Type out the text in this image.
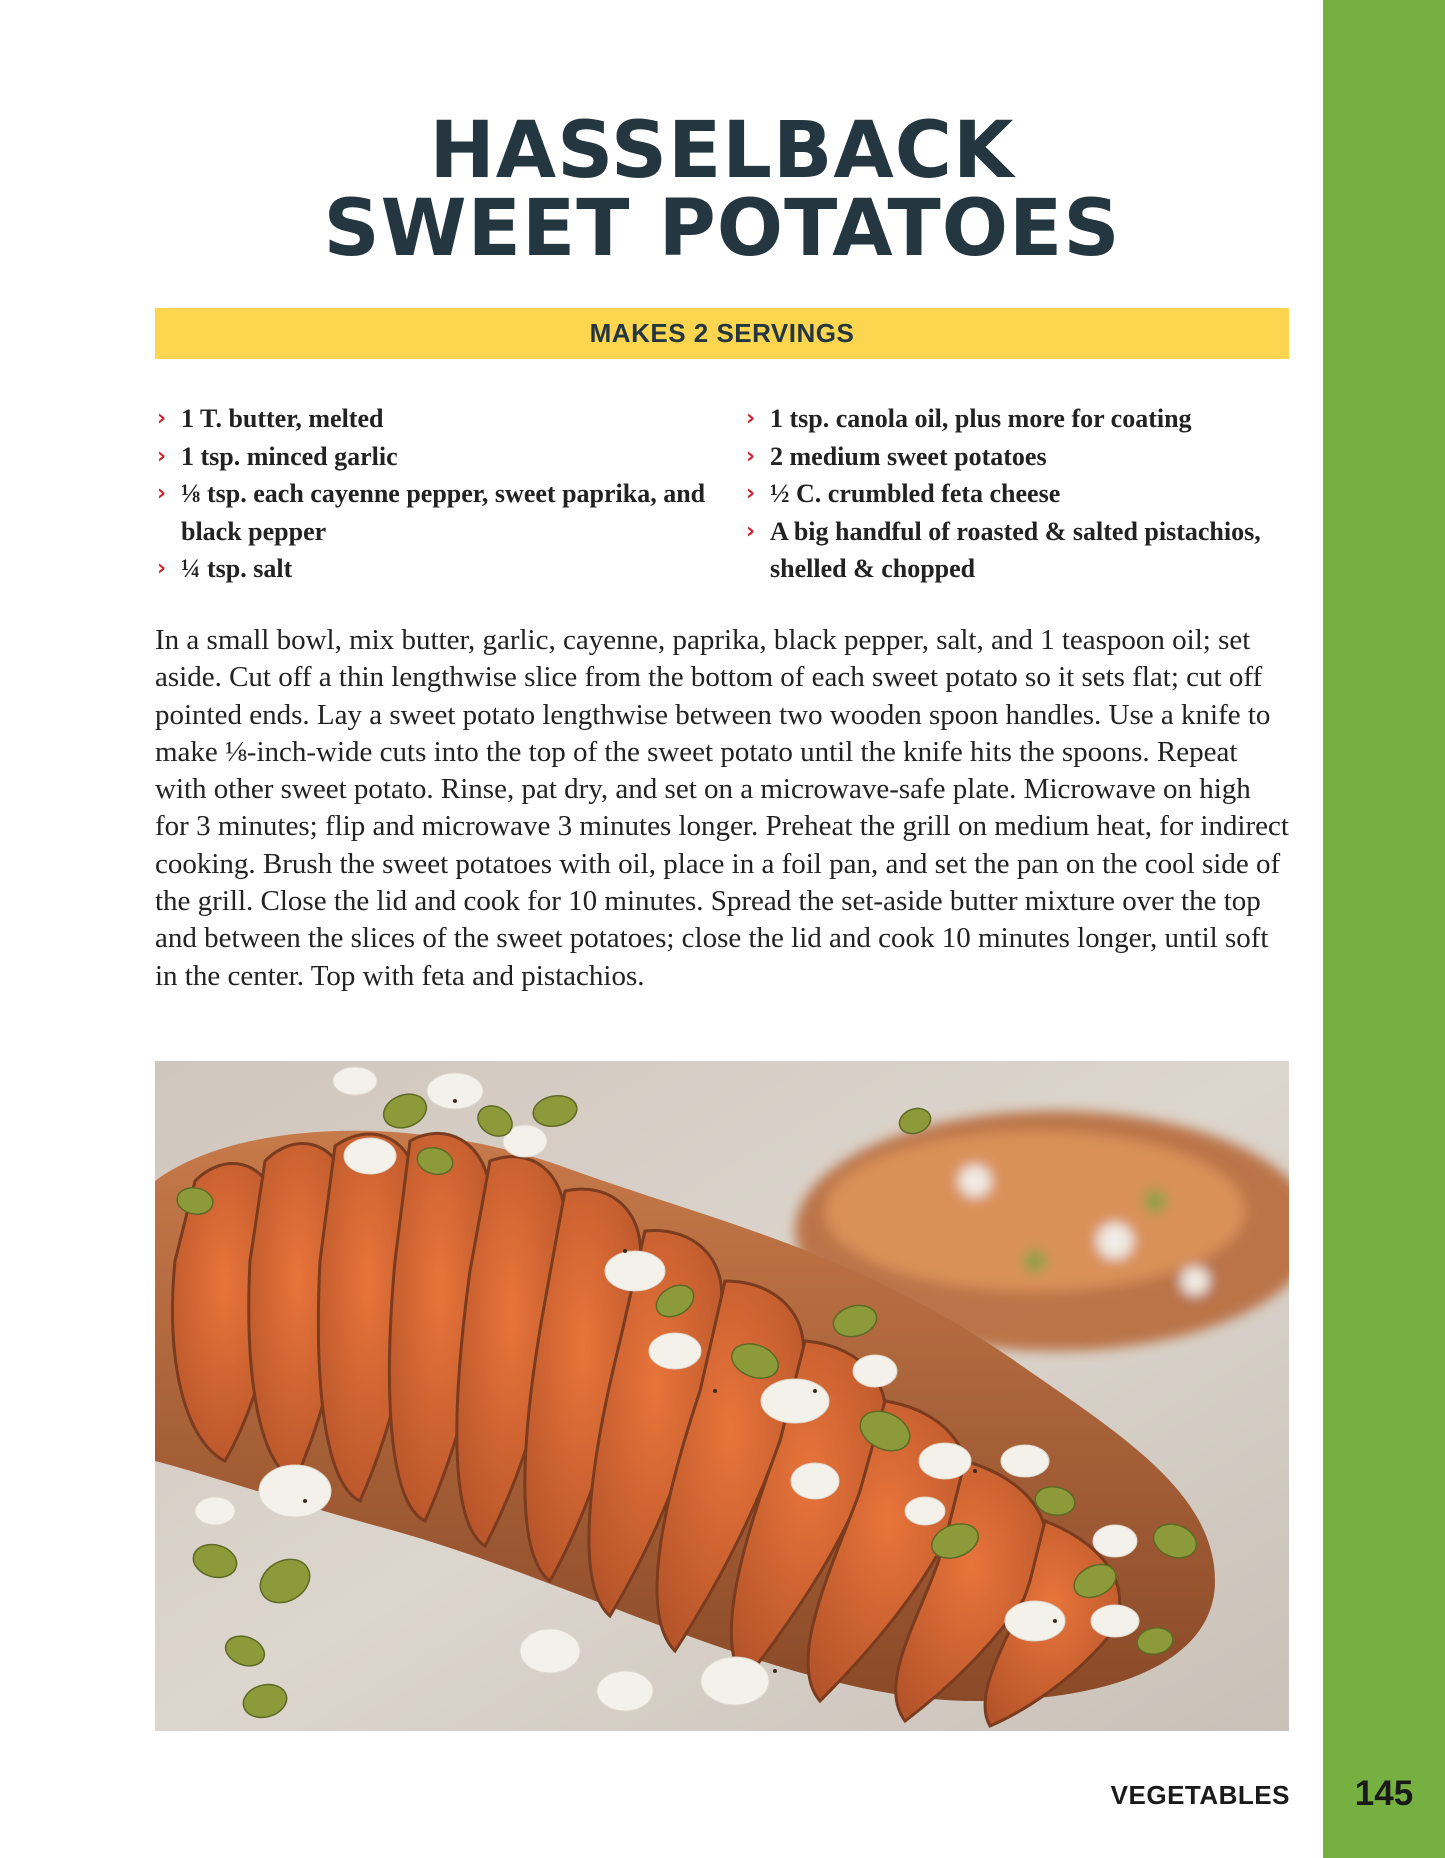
HASSELBACK
SWEET POTATOES
MAKES 2 SERVINGS
› 1 T. butter, melted
› 1 tsp. minced garlic
› ⅛ tsp. each cayenne pepper, sweet paprika, and black pepper
› ¼ tsp. salt
› 1 tsp. canola oil, plus more for coating
› 2 medium sweet potatoes
› ½ C. crumbled feta cheese
› A big handful of roasted & salted pistachios, shelled & chopped

In a small bowl, mix butter, garlic, cayenne, paprika, black pepper, salt, and 1 teaspoon oil; set aside. Cut off a thin lengthwise slice from the bottom of each sweet potato so it sets flat; cut off pointed ends. Lay a sweet potato lengthwise between two wooden spoon handles. Use a knife to make ⅛-inch-wide cuts into the top of the sweet potato until the knife hits the spoons. Repeat with other sweet potato. Rinse, pat dry, and set on a microwave-safe plate. Microwave on high for 3 minutes; flip and microwave 3 minutes longer. Preheat the grill on medium heat, for indirect cooking. Brush the sweet potatoes with oil, place in a foil pan, and set the pan on the cool side of the grill. Close the lid and cook for 10 minutes. Spread the set-aside butter mixture over the top and between the slices of the sweet potatoes; close the lid and cook 10 minutes longer, until soft in the center. Top with feta and pistachios.

VEGETABLES	145
